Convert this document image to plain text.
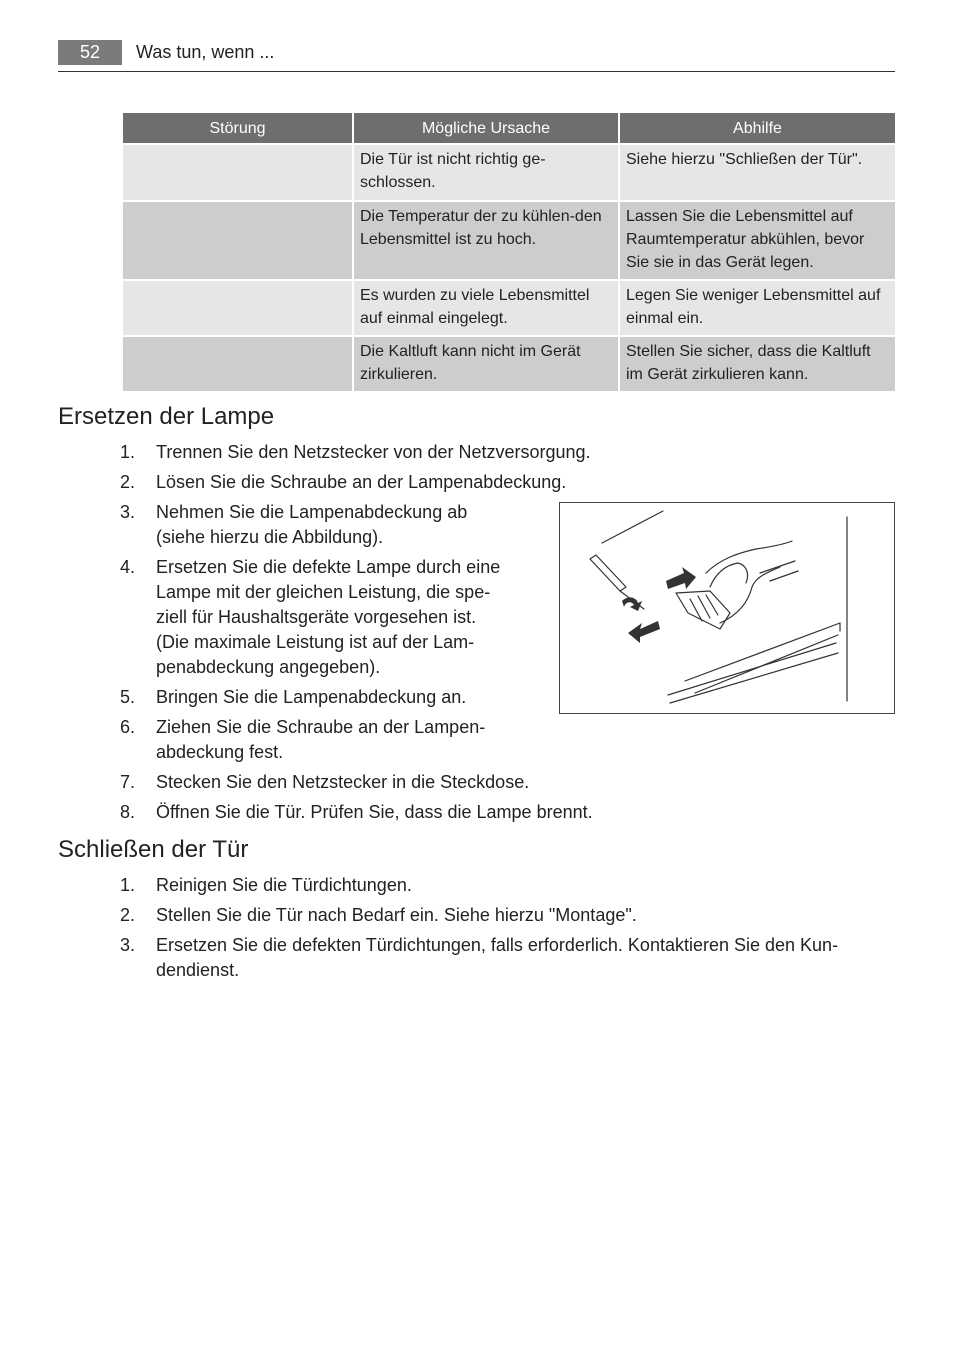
52	Was tun, wenn ...
Störung	Mögliche Ursache	Abhilfe
	Die Tür ist nicht richtig ge-schlossen.	Siehe hierzu "Schließen der Tür".
	Die Temperatur der zu kühlen-den Lebensmittel ist zu hoch.	Lassen Sie die Lebensmittel auf Raumtemperatur abkühlen, bevor Sie sie in das Gerät legen.
	Es wurden zu viele Lebensmittel auf einmal eingelegt.	Legen Sie weniger Lebensmittel auf einmal ein.
	Die Kaltluft kann nicht im Gerät zirkulieren.	Stellen Sie sicher, dass die Kaltluft im Gerät zirkulieren kann.
Ersetzen der Lampe
1. Trennen Sie den Netzstecker von der Netzversorgung.
2. Lösen Sie die Schraube an der Lampenabdeckung.
3. Nehmen Sie die Lampenabdeckung ab (siehe hierzu die Abbildung).
4. Ersetzen Sie die defekte Lampe durch eine Lampe mit der gleichen Leistung, die spe-ziell für Haushaltsgeräte vorgesehen ist. (Die maximale Leistung ist auf der Lam-penabdeckung angegeben).
5. Bringen Sie die Lampenabdeckung an.
6. Ziehen Sie die Schraube an der Lampen-abdeckung fest.
7. Stecken Sie den Netzstecker in die Steckdose.
8. Öffnen Sie die Tür. Prüfen Sie, dass die Lampe brennt.
Schließen der Tür
1. Reinigen Sie die Türdichtungen.
2. Stellen Sie die Tür nach Bedarf ein. Siehe hierzu "Montage".
3. Ersetzen Sie die defekten Türdichtungen, falls erforderlich. Kontaktieren Sie den Kun-dendienst.
